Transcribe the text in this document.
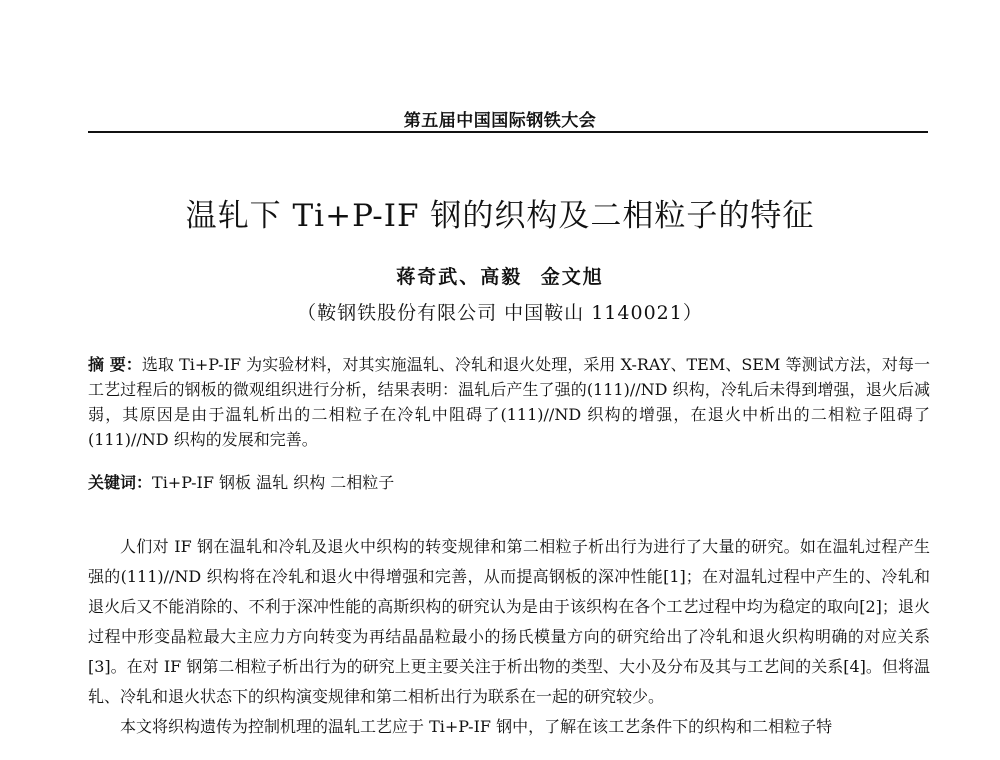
第五届中国国际钢铁大会
温轧下 Ti+P-IF 钢的织构及二相粒子的特征
蒋奇武、高毅 金文旭
（鞍钢铁股份有限公司 中国鞍山 1140021）
摘 要：选取 Ti+P-IF 为实验材料，对其实施温轧、冷轧和退火处理，采用 X-RAY、TEM、SEM 等测试方法，对每一工艺过程后的钢板的微观组织进行分析，结果表明：温轧后产生了强的(111)//ND 织构，冷轧后未得到增强，退火后减弱，其原因是由于温轧析出的二相粒子在冷轧中阻碍了(111)//ND 织构的增强，在退火中析出的二相粒子阻碍了(111)//ND 织构的发展和完善。
关键词：Ti+P-IF 钢板 温轧 织构 二相粒子

人们对 IF 钢在温轧和冷轧及退火中织构的转变规律和第二相粒子析出行为进行了大量的研究。如在温轧过程产生强的(111)//ND 织构将在冷轧和退火中得增强和完善，从而提高钢板的深冲性能[1]；在对温轧过程中产生的、冷轧和退火后又不能消除的、不利于深冲性能的高斯织构的研究认为是由于该织构在各个工艺过程中均为稳定的取向[2]；退火过程中形变晶粒最大主应力方向转变为再结晶晶粒最小的扬氏模量方向的研究给出了冷轧和退火织构明确的对应关系[3]。在对 IF 钢第二相粒子析出行为的研究上更主要关注于析出物的类型、大小及分布及其与工艺间的关系[4]。但将温轧、冷轧和退火状态下的织构演变规律和第二相析出行为联系在一起的研究较少。

本文将织构遗传为控制机理的温轧工艺应于 Ti+P-IF 钢中，了解在该工艺条件下的织构和二相粒子特
